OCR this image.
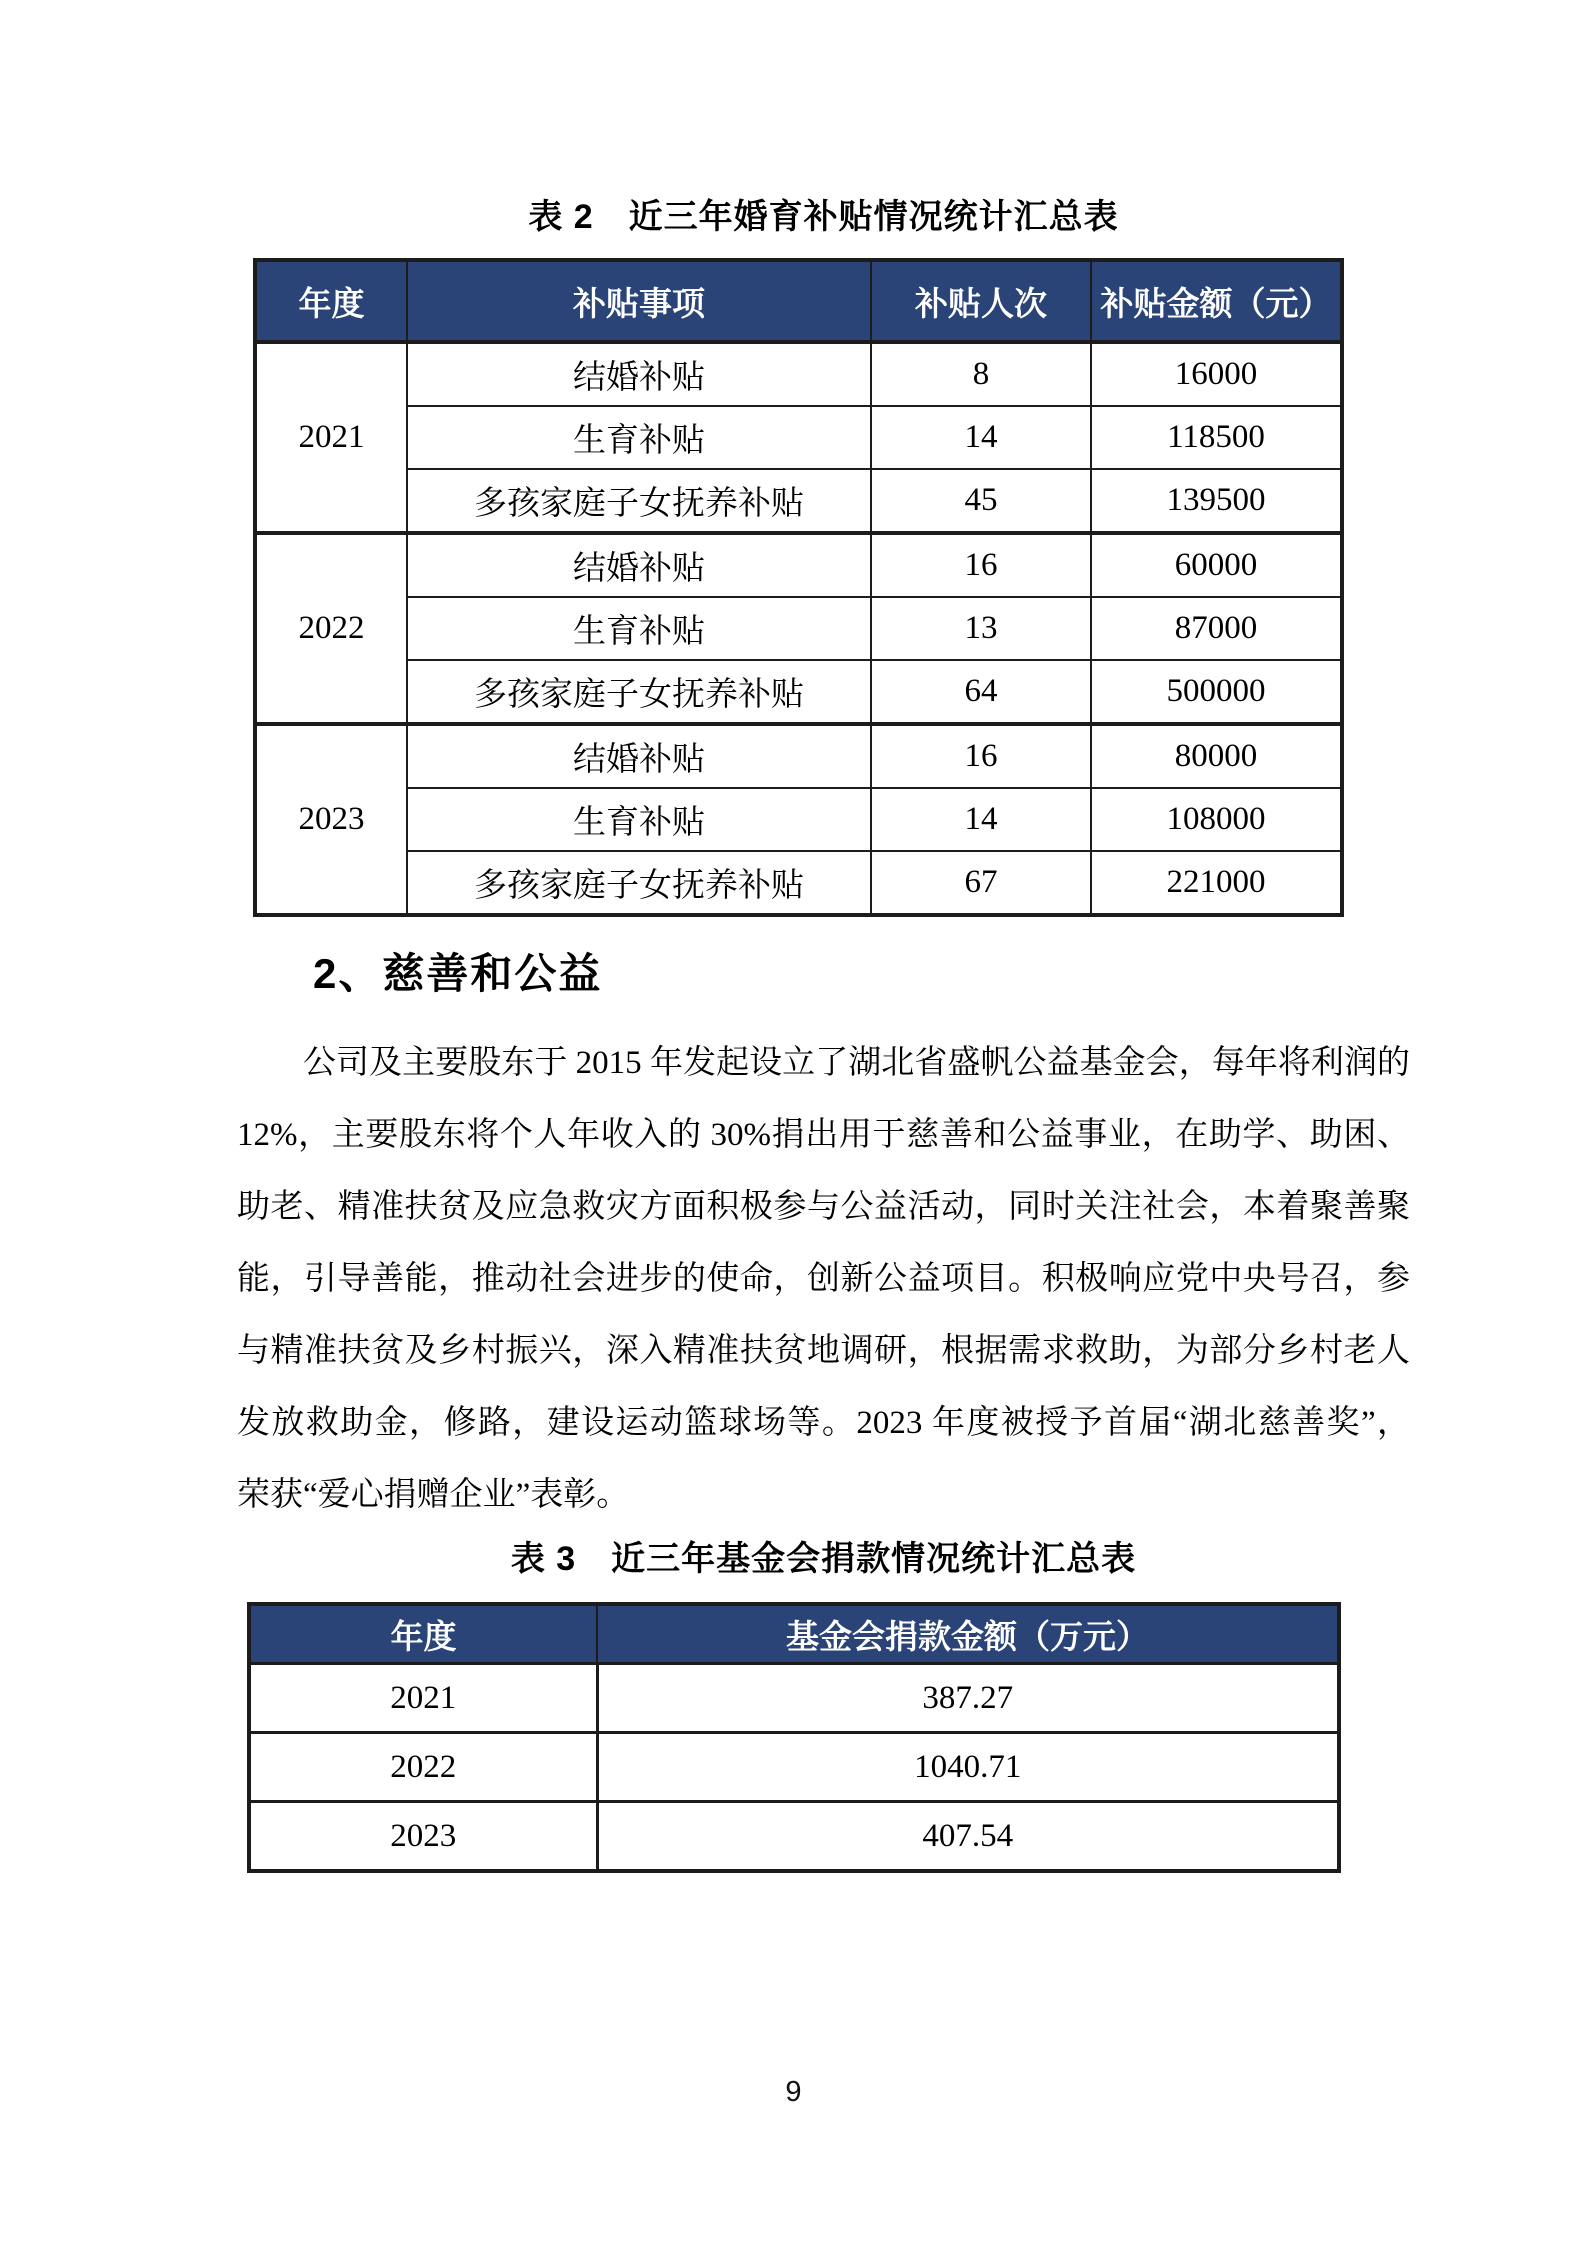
表 2　近三年婚育补贴情况统计汇总表
年度	补贴事项	补贴人次	补贴金额（元）
2021	结婚补贴	8	16000
	生育补贴	14	118500
	多孩家庭子女抚养补贴	45	139500
2022	结婚补贴	16	60000
	生育补贴	13	87000
	多孩家庭子女抚养补贴	64	500000
2023	结婚补贴	16	80000
	生育补贴	14	108000
	多孩家庭子女抚养补贴	67	221000
2、慈善和公益
公司及主要股东于 2015 年发起设立了湖北省盛帆公益基金会，每年将利润的
12%，主要股东将个人年收入的 30%捐出用于慈善和公益事业，在助学、助困、
助老、精准扶贫及应急救灾方面积极参与公益活动，同时关注社会，本着聚善聚
能，引导善能，推动社会进步的使命，创新公益项目。积极响应党中央号召，参
与精准扶贫及乡村振兴，深入精准扶贫地调研，根据需求救助，为部分乡村老人
发放救助金，修路，建设运动篮球场等。2023 年度被授予首届“湖北慈善奖”，
荣获“爱心捐赠企业”表彰。
表 3　近三年基金会捐款情况统计汇总表
年度	基金会捐款金额（万元）
2021	387.27
2022	1040.71
2023	407.54
9
